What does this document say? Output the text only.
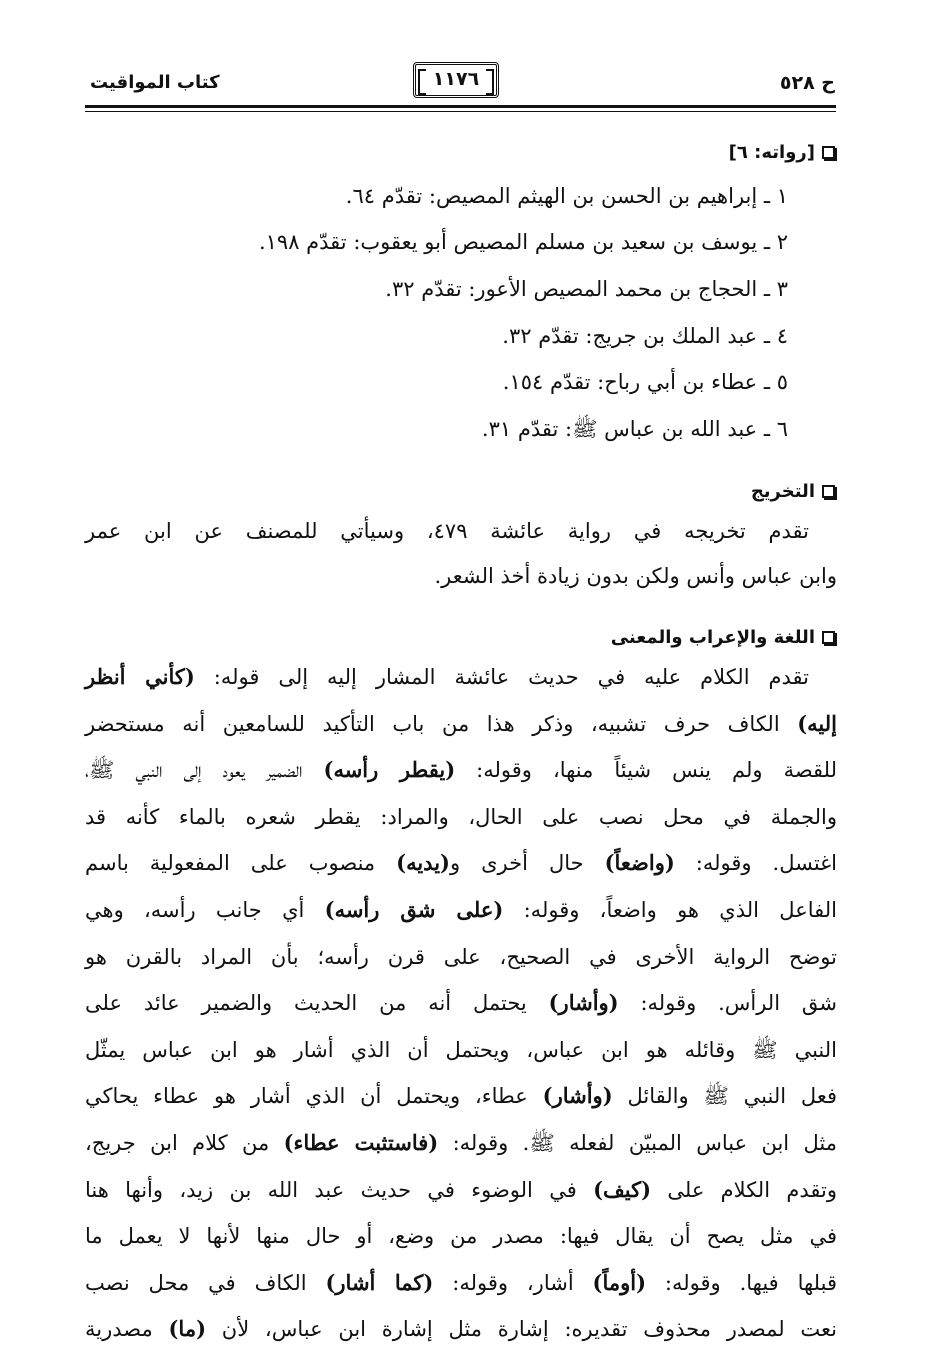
ح ٥٢٨
١١٧٦
كتاب المواقيت
[رواته: ٦]
١ ـ إبراهيم بن الحسن بن الهيثم المصيص: تقدّم ٦٤.
٢ ـ يوسف بن سعيد بن مسلم المصيص أبو يعقوب: تقدّم ١٩٨.
٣ ـ الحجاج بن محمد المصيص الأعور: تقدّم ٣٢.
٤ ـ عبد الملك بن جريج: تقدّم ٣٢.
٥ ـ عطاء بن أبي رباح: تقدّم ١٥٤.
٦ ـ عبد الله بن عباس ﷺ: تقدّم ٣١.
التخريج
تقدم تخريجه في رواية عائشة ٤٧٩، وسيأتي للمصنف عن ابن عمر
وابن عباس وأنس ولكن بدون زيادة أخذ الشعر.
اللغة والإعراب والمعنى
تقدم الكلام عليه في حديث عائشة المشار إليه إلى قوله: (كأني أنظر
إليه) الكاف حرف تشبيه، وذكر هذا من باب التأكيد للسامعين أنه مستحضر
للقصة ولم ينس شيئاً منها، وقوله: (يقطر رأسه) الضمير يعود إلى النبي ﷺ،
والجملة في محل نصب على الحال، والمراد: يقطر شعره بالماء كأنه قد
اغتسل. وقوله: (واضعاً) حال أخرى و(يديه) منصوب على المفعولية باسم
الفاعل الذي هو واضعاً، وقوله: (على شق رأسه) أي جانب رأسه، وهي
توضح الرواية الأخرى في الصحيح، على قرن رأسه؛ بأن المراد بالقرن هو
شق الرأس. وقوله: (وأشار) يحتمل أنه من الحديث والضمير عائد على
النبي ﷺ وقائله هو ابن عباس، ويحتمل أن الذي أشار هو ابن عباس يمثّل
فعل النبي ﷺ والقائل (وأشار) عطاء، ويحتمل أن الذي أشار هو عطاء يحاكي
مثل ابن عباس المبيّن لفعله ﷺ. وقوله: (فاستثبت عطاء) من كلام ابن جريج،
وتقدم الكلام على (كيف) في الوضوء في حديث عبد الله بن زيد، وأنها هنا
في مثل يصح أن يقال فيها: مصدر من وضع، أو حال منها لأنها لا يعمل ما
قبلها فيها. وقوله: (أوماً) أشار، وقوله: (كما أشار) الكاف في محل نصب
نعت لمصدر محذوف تقديره: إشارة مثل إشارة ابن عباس، لأن (ما) مصدرية
